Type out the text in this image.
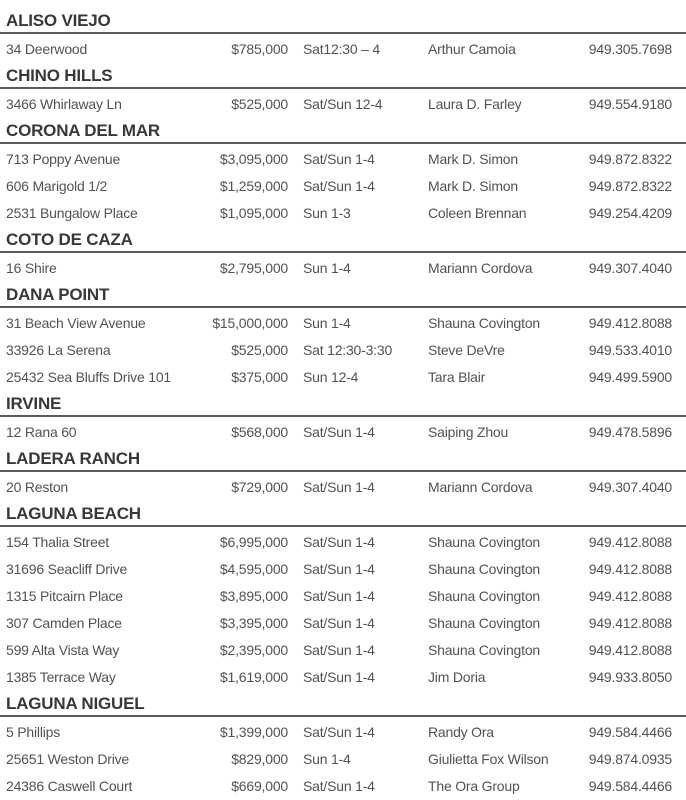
ALISO VIEJO
34 Deerwood	$785,000 Sat12:30 – 4	Arthur Camoia	949.305.7698
CHINO HILLS
3466 Whirlaway Ln	$525,000 Sat/Sun 12-4	Laura D. Farley	949.554.9180
CORONA DEL MAR
713 Poppy Avenue	$3,095,000 Sat/Sun 1-4	Mark D. Simon	949.872.8322
606 Marigold 1/2	$1,259,000 Sat/Sun 1-4	Mark D. Simon	949.872.8322
2531 Bungalow Place	$1,095,000 Sun 1-3	Coleen Brennan	949.254.4209
COTO DE CAZA
16 Shire	$2,795,000 Sun 1-4	Mariann Cordova	949.307.4040
DANA POINT
31 Beach View Avenue	$15,000,000 Sun 1-4	Shauna Covington	949.412.8088
33926 La Serena	$525,000 Sat 12:30-3:30	Steve DeVre	949.533.4010
25432 Sea Bluffs Drive 101	$375,000 Sun 12-4	Tara Blair	949.499.5900
IRVINE
12 Rana 60	$568,000 Sat/Sun 1-4	Saiping Zhou	949.478.5896
LADERA RANCH
20 Reston	$729,000 Sat/Sun 1-4	Mariann Cordova	949.307.4040
LAGUNA BEACH
154 Thalia Street	$6,995,000 Sat/Sun 1-4	Shauna Covington	949.412.8088
31696 Seacliff Drive	$4,595,000 Sat/Sun 1-4	Shauna Covington	949.412.8088
1315 Pitcairn Place	$3,895,000 Sat/Sun 1-4	Shauna Covington	949.412.8088
307 Camden Place	$3,395,000 Sat/Sun 1-4	Shauna Covington	949.412.8088
599 Alta Vista Way	$2,395,000 Sat/Sun 1-4	Shauna Covington	949.412.8088
1385 Terrace Way	$1,619,000 Sat/Sun 1-4	Jim Doria	949.933.8050
LAGUNA NIGUEL
5 Phillips	$1,399,000 Sat/Sun 1-4	Randy Ora	949.584.4466
25651 Weston Drive	$829,000 Sun 1-4	Giulietta Fox Wilson	949.874.0935
24386 Caswell Court	$669,000 Sat/Sun 1-4	The Ora Group	949.584.4466
